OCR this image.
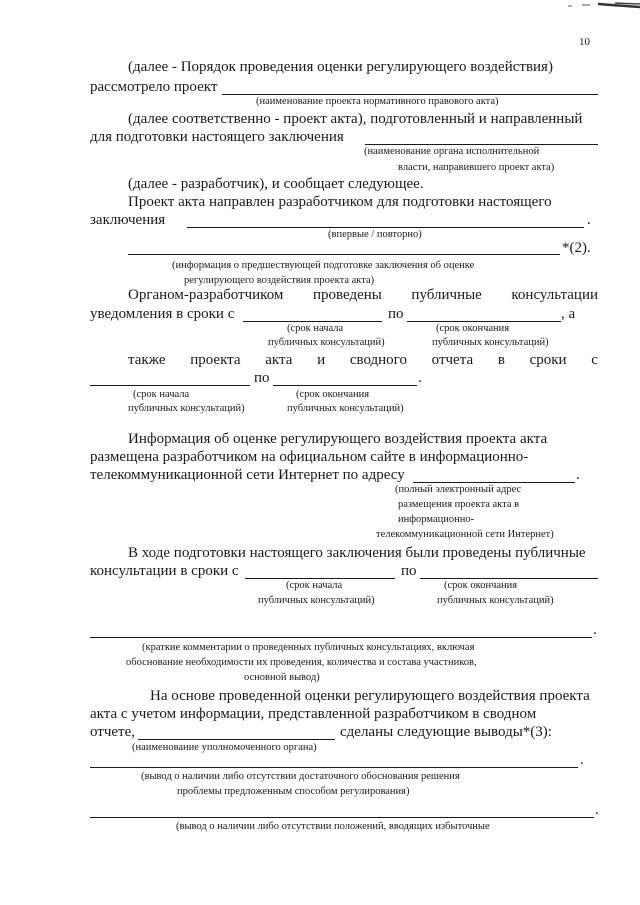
10
(далее - Порядок проведения оценки регулирующего воздействия)
рассмотрело проект
(наименование проекта нормативного правового акта)
(далее соответственно - проект акта), подготовленный и направленный
для подготовки настоящего заключения
(наименование органа исполнительной
власти, направившего проект акта)
(далее - разработчик), и сообщает следующее.
Проект акта направлен разработчиком для подготовки настоящего
заключения	.
(впервые / повторно)
*(2).
(информация о предшествующей подготовке заключения об оценке
регулирующего воздействия проекта акта)
Органом-разработчиком проведены публичные консультации
уведомления в сроки с	по	, а
(срок начала
публичных консультаций)
(срок окончания
публичных консультаций)
также проекта акта и сводного отчета в сроки с
по	.
(срок начала
публичных консультаций)
(срок окончания
публичных консультаций)
Информация об оценке регулирующего воздействия проекта акта
размещена разработчиком на официальном сайте в информационно-
телекоммуникационной сети Интернет по адресу	.
(полный электронный адрес
размещения проекта акта в
информационно-
телекоммуникационной сети Интернет)
В ходе подготовки настоящего заключения были проведены публичные
консультации в сроки с	по
(срок начала
публичных консультаций)
(срок окончания
публичных консультаций)
.
(краткие комментарии о проведенных публичных консультациях, включая
обоснование необходимости их проведения, количества и состава участников,
основной вывод)
На основе проведенной оценки регулирующего воздействия проекта
акта с учетом информации, представленной разработчиком в сводном
отчете,	сделаны следующие выводы*(3):
(наименование уполномоченного органа)
.
(вывод о наличии либо отсутствии достаточного обоснования решения
проблемы предложенным способом регулирования)
.
(вывод о наличии либо отсутствии положений, вводящих избыточные
